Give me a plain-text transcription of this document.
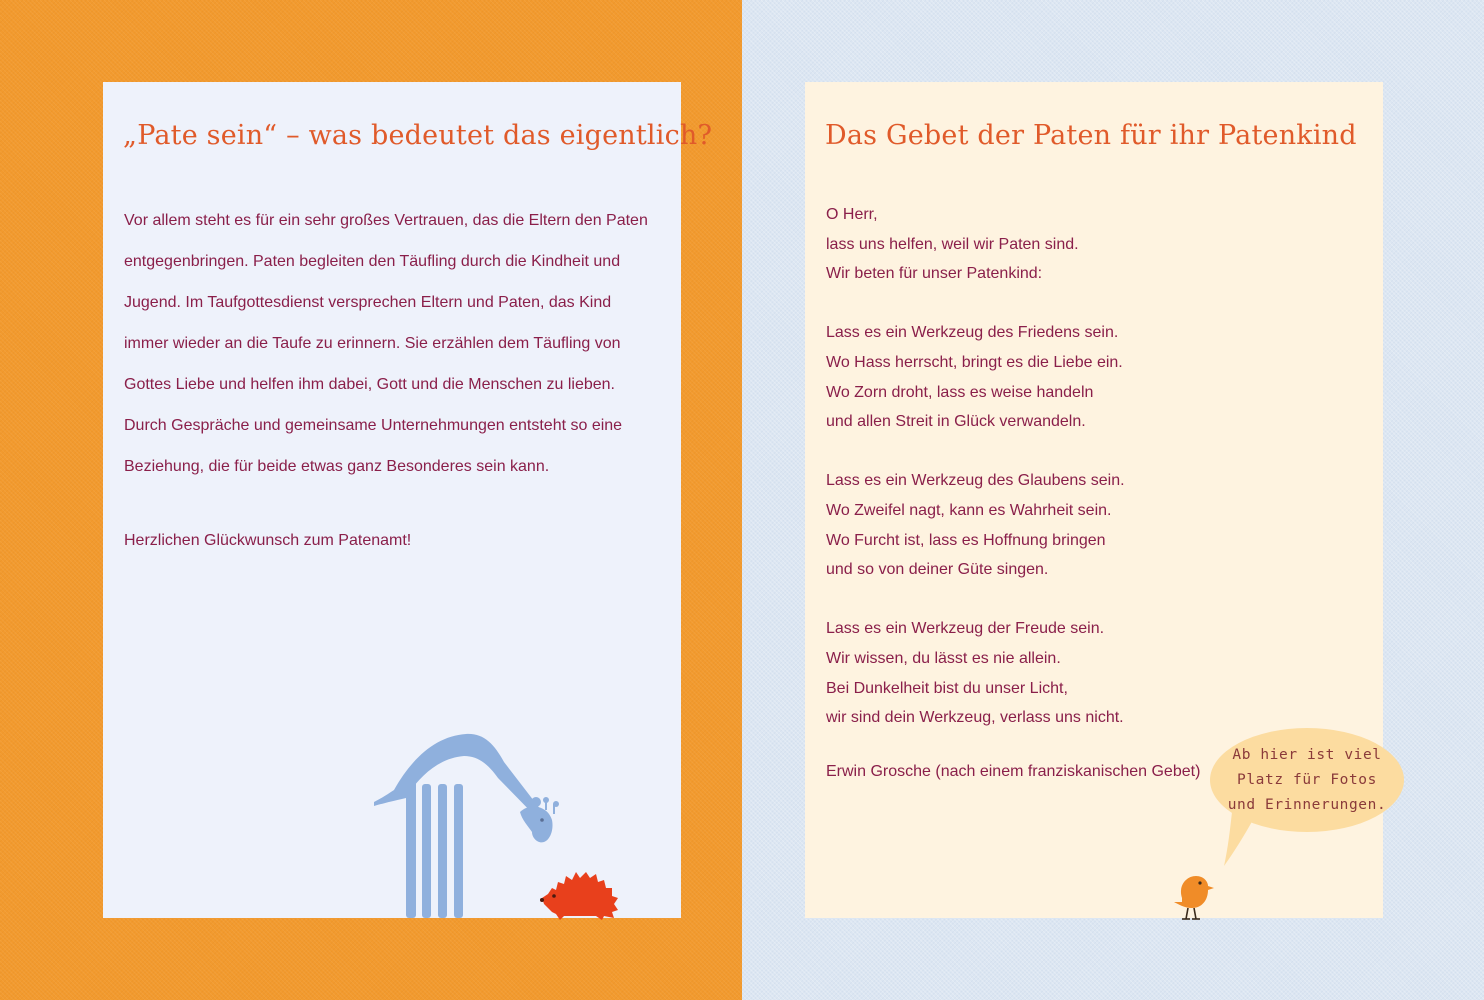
„Pate sein“ – was bedeutet das eigentlich?

Vor allem steht es für ein sehr großes Vertrauen, das die Eltern den Paten entgegenbringen. Paten begleiten den Täufling durch die Kindheit und Jugend. Im Taufgottesdienst versprechen Eltern und Paten, das Kind immer wieder an die Taufe zu erinnern. Sie erzählen dem Täufling von Gottes Liebe und helfen ihm dabei, Gott und die Menschen zu lieben. Durch Gespräche und gemeinsame Unternehmungen entsteht so eine Beziehung, die für beide etwas ganz Besonderes sein kann.

Herzlichen Glückwunsch zum Patenamt!

Das Gebet der Paten für ihr Patenkind
O Herr,
lass uns helfen, weil wir Paten sind.
Wir beten für unser Patenkind:
Lass es ein Werkzeug des Friedens sein.
Wo Hass herrscht, bringt es die Liebe ein.
Wo Zorn droht, lass es weise handeln
und allen Streit in Glück verwandeln.
Lass es ein Werkzeug des Glaubens sein.
Wo Zweifel nagt, kann es Wahrheit sein.
Wo Furcht ist, lass es Hoffnung bringen
und so von deiner Güte singen.
Lass es ein Werkzeug der Freude sein.
Wir wissen, du lässt es nie allein.
Bei Dunkelheit bist du unser Licht,
wir sind dein Werkzeug, verlass uns nicht.

Erwin Grosche (nach einem franziskanischen Gebet)

Ab hier ist viel Platz für Fotos und Erinnerungen.
